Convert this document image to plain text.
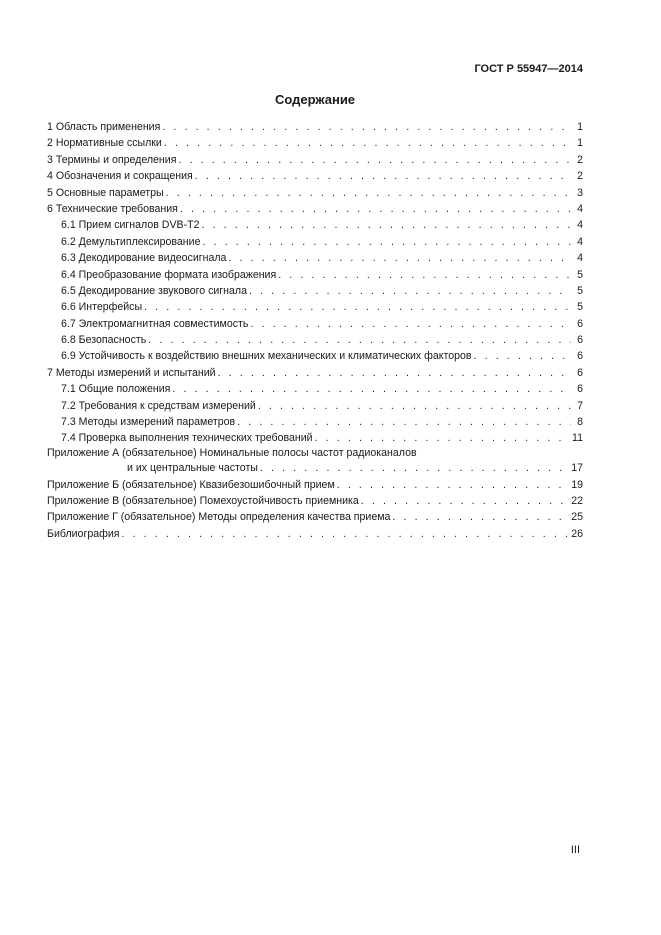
ГОСТ Р 55947—2014
Содержание
1 Область применения . . .	1
2 Нормативные ссылки . . .	1
3 Термины и определения . . .	2
4 Обозначения и сокращения . . .	2
5 Основные параметры . . .	3
6 Технические требования . . .	4
6.1 Прием сигналов DVB-T2 . . .	4
6.2 Демультиплексирование . . .	4
6.3 Декодирование видеосигнала . . .	4
6.4 Преобразование формата изображения . . .	5
6.5 Декодирование звукового сигнала . . .	5
6.6 Интерфейсы . . .	5
6.7 Электромагнитная совместимость . . .	6
6.8 Безопасность . . .	6
6.9 Устойчивость к воздействию внешних механических и климатических факторов . . .	6
7 Методы измерений и испытаний . . .	6
7.1 Общие положения . . .	6
7.2 Требования к средствам измерений . . .	7
7.3 Методы измерений параметров . . .	8
7.4 Проверка выполнения технических требований . . .	11
Приложение А (обязательное) Номинальные полосы частот радиоканалов
и их центральные частоты . . .	17
Приложение Б (обязательное) Квазибезошибочный прием . . .	19
Приложение В (обязательное) Помехоустойчивость приемника . . .	22
Приложение Г (обязательное) Методы определения качества приема . . .	25
Библиография . . .	26
III
